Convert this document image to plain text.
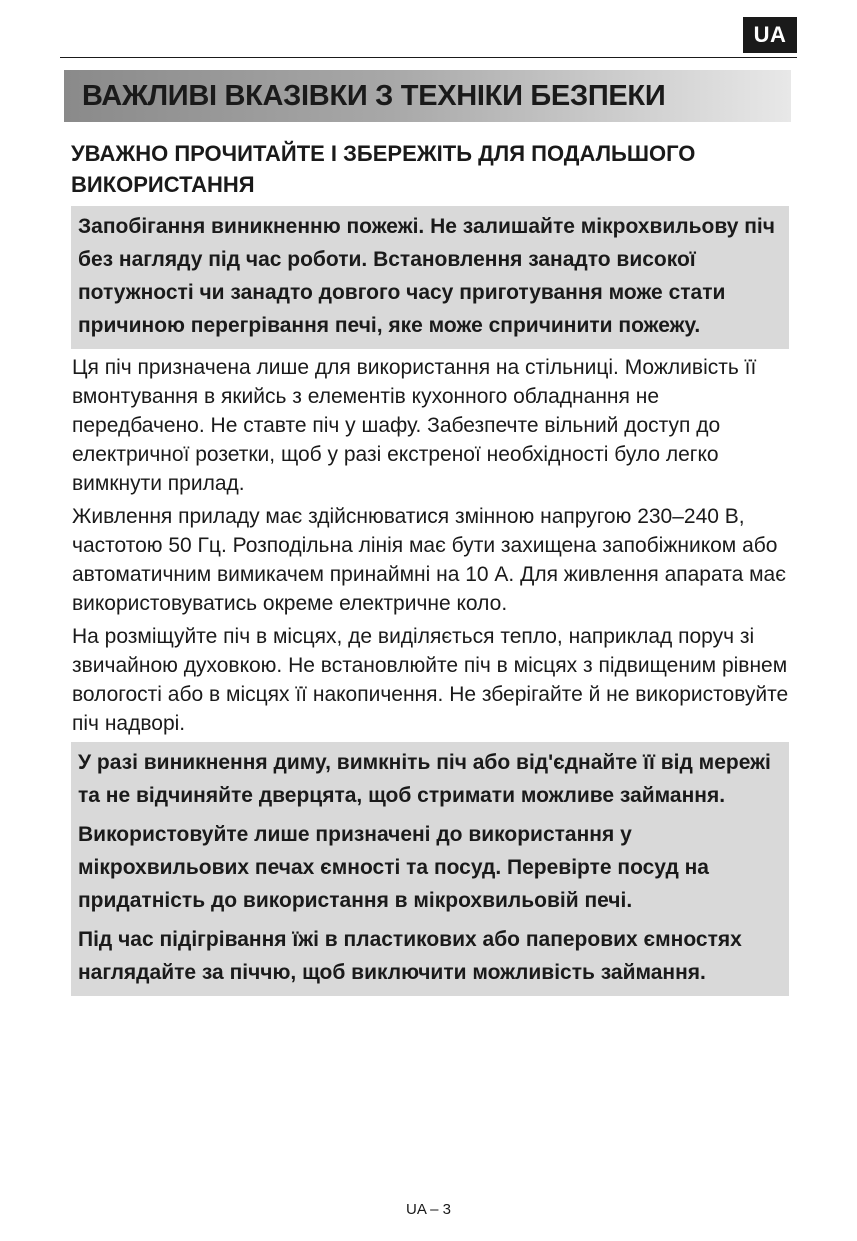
UA
ВАЖЛИВІ ВКАЗІВКИ З ТЕХНІКИ БЕЗПЕКИ
УВАЖНО ПРОЧИТАЙТЕ І ЗБЕРЕЖІТЬ ДЛЯ ПОДАЛЬШОГО ВИКОРИСТАННЯ

Запобігання виникненню пожежі. Не залишайте мікрохвильову піч без нагляду під час роботи. Встановлення занадто високої потужності чи занадто довгого часу приготування може стати причиною перегрівання печі, яке може спричинити пожежу.

Ця піч призначена лише для використання на стільниці. Можливість її вмонтування в якийсь з елементів кухонного обладнання не передбачено. Не ставте піч у шафу. Забезпечте вільний доступ до електричної розетки, щоб у разі екстреної необхідності було легко вимкнути прилад.

Живлення приладу має здійснюватися змінною напругою 230–240 В, частотою 50 Гц. Розподільна лінія має бути захищена запобіжником або автоматичним вимикачем принаймні на 10 А. Для живлення апарата має використовуватись окреме електричне коло.

На розміщуйте піч в місцях, де виділяється тепло, наприклад поруч зі звичайною духовкою. Не встановлюйте піч в місцях з підвищеним рівнем вологості або в місцях її накопичення. Не зберігайте й не використовуйте піч надворі.

У разі виникнення диму, вимкніть піч або від'єднайте її від мережі та не відчиняйте дверцята, щоб стримати можливе займання.

Використовуйте лише призначені до використання у мікрохвильових печах ємності та посуд. Перевірте посуд на придатність до використання в мікрохвильовій печі.

Під час підігрівання їжі в пластикових або паперових ємностях наглядайте за піччю, щоб виключити можливість займання.

UA – 3
